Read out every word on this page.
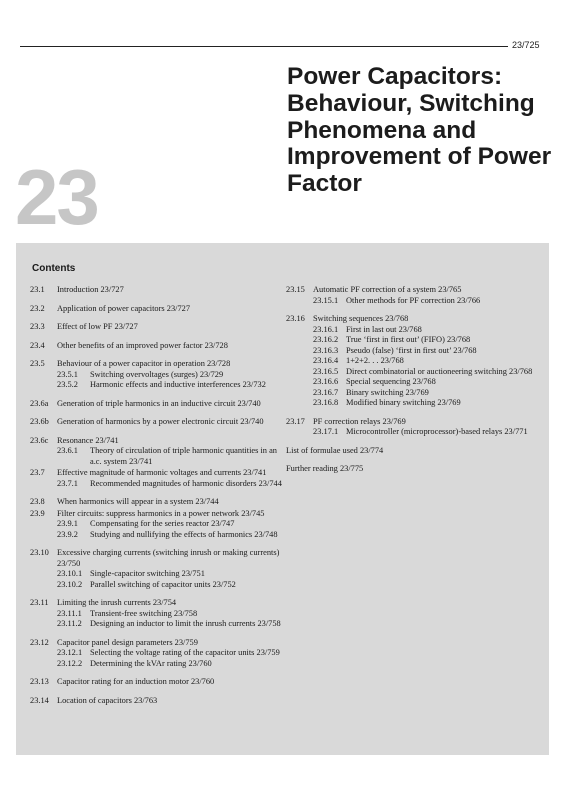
23/725
23
Power Capacitors: Behaviour, Switching Phenomena and Improvement of Power Factor
Contents
23.1	Introduction 23/727
23.2	Application of power capacitors 23/727
23.3	Effect of low PF 23/727
23.4	Other benefits of an improved power factor 23/728
23.5	Behaviour of a power capacitor in operation 23/728
23.5.1	Switching overvoltages (surges) 23/729
23.5.2	Harmonic effects and inductive interferences 23/732
23.6a	Generation of triple harmonics in an inductive circuit 23/740
23.6b Generation of harmonics by a power electronic circuit 23/740
23.6c	Resonance 23/741
23.6.1	Theory of circulation of triple harmonic quantities in an a.c. system 23/741
23.7	Effective magnitude of harmonic voltages and currents 23/741
23.7.1	Recommended magnitudes of harmonic disorders 23/744
23.8	When harmonics will appear in a system 23/744
23.9	Filter circuits: suppress harmonics in a power network 23/745
23.9.1	Compensating for the series reactor 23/747
23.9.2	Studying and nullifying the effects of harmonics 23/748
23.10 Excessive charging currents (switching inrush or making currents) 23/750
23.10.1 Single-capacitor switching 23/751
23.10.2 Parallel switching of capacitor units 23/752
23.11	Limiting the inrush currents 23/754
23.11.1 Transient-free switching 23/758
23.11.2 Designing an inductor to limit the inrush currents 23/758
23.12 Capacitor panel design parameters 23/759
23.12.1 Selecting the voltage rating of the capacitor units 23/759
23.12.2 Determining the kVAr rating 23/760
23.13 Capacitor rating for an induction motor 23/760
23.14 Location of capacitors 23/763
23.15 Automatic PF correction of a system 23/765
23.15.1 Other methods for PF correction 23/766
23.16 Switching sequences 23/768
23.16.1 First in last out 23/768
23.16.2 True ‘first in first out’ (FIFO) 23/768
23.16.3 Pseudo (false) ‘first in first out’ 23/768
23.16.4 1+2+2. . . 23/768
23.16.5 Direct combinatorial or auctioneering switching 23/768
23.16.6 Special sequencing 23/768
23.16.7 Binary switching 23/769
23.16.8 Modified binary switching 23/769
23.17 PF correction relays 23/769
23.17.1 Microcontroller (microprocessor)-based relays 23/771
List of formulae used 23/774
Further reading 23/775
